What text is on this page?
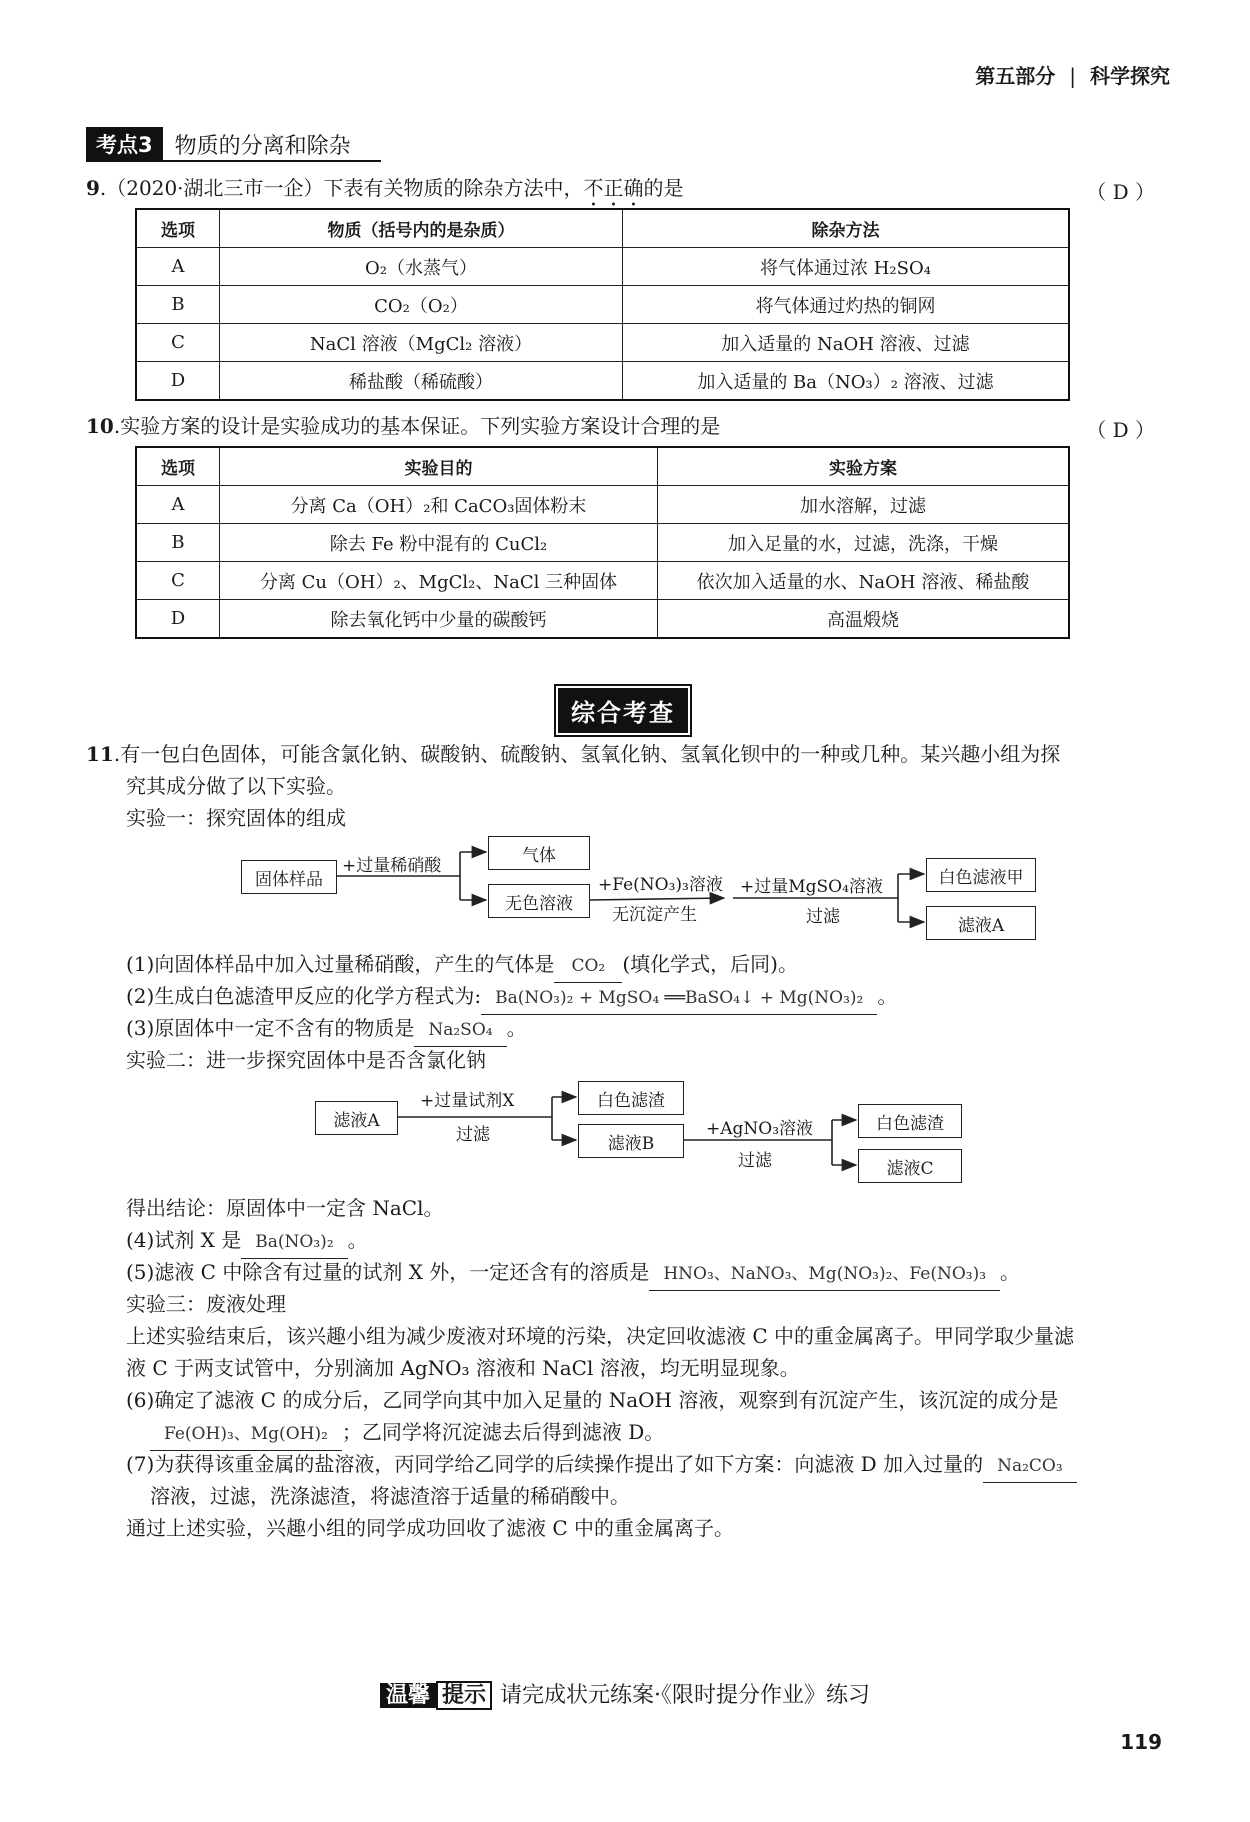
第五部分 | 科学探究
考点3	物质的分离和除杂
9.（2020·湖北三市一企）下表有关物质的除杂方法中，不正确的是	（ D ）
选项	物质（括号内的是杂质）	除杂方法
A	O₂（水蒸气）	将气体通过浓 H₂SO₄
B	CO₂（O₂）	将气体通过灼热的铜网
C	NaCl 溶液（MgCl₂ 溶液）	加入适量的 NaOH 溶液、过滤
D	稀盐酸（稀硫酸）	加入适量的 Ba（NO₃）₂ 溶液、过滤
10.实验方案的设计是实验成功的基本保证。下列实验方案设计合理的是	（ D ）
选项	实验目的	实验方案
A	分离 Ca（OH）₂和 CaCO₃固体粉末	加水溶解，过滤
B	除去 Fe 粉中混有的 CuCl₂	加入足量的水，过滤，洗涤，干燥
C	分离 Cu（OH）₂、MgCl₂、NaCl 三种固体	依次加入适量的水、NaOH 溶液、稀盐酸
D	除去氧化钙中少量的碳酸钙	高温煅烧
综合考查
11.有一包白色固体，可能含氯化钠、碳酸钠、硫酸钠、氢氧化钠、氢氧化钡中的一种或几种。某兴趣小组为探
究其成分做了以下实验。
实验一：探究固体的组成
固体样品
+过量稀硝酸
气体
无色溶液
+Fe(NO₃)₃溶液
无沉淀产生
+过量MgSO₄溶液
过滤
白色滤液甲
滤液A
(1)向固体样品中加入过量稀硝酸，产生的气体是 CO₂ (填化学式，后同)。
(2)生成白色滤渣甲反应的化学方程式为: Ba(NO₃)₂ + MgSO₄ ══BaSO₄↓ + Mg(NO₃)₂ 。
(3)原固体中一定不含有的物质是 Na₂SO₄ 。
实验二：进一步探究固体中是否含氯化钠
滤液A
+过量试剂X
过滤
白色滤渣
滤液B
+AgNO₃溶液
过滤
白色滤渣
滤液C
得出结论：原固体中一定含 NaCl。
(4)试剂 X 是 Ba(NO₃)₂ 。
(5)滤液 C 中除含有过量的试剂 X 外，一定还含有的溶质是 HNO₃、NaNO₃、Mg(NO₃)₂、Fe(NO₃)₃ 。
实验三：废液处理
上述实验结束后，该兴趣小组为减少废液对环境的污染，决定回收滤液 C 中的重金属离子。甲同学取少量滤
液 C 于两支试管中，分别滴加 AgNO₃ 溶液和 NaCl 溶液，均无明显现象。
(6)确定了滤液 C 的成分后，乙同学向其中加入足量的 NaOH 溶液，观察到有沉淀产生，该沉淀的成分是
Fe(OH)₃、Mg(OH)₂ ；乙同学将沉淀滤去后得到滤液 D。
(7)为获得该重金属的盐溶液，丙同学给乙同学的后续操作提出了如下方案：向滤液 D 加入过量的 Na₂CO₃
溶液，过滤，洗涤滤渣，将滤渣溶于适量的稀硝酸中。
通过上述实验，兴趣小组的同学成功回收了滤液 C 中的重金属离子。
温馨 提示 请完成状元练案·《限时提分作业》练习
119
